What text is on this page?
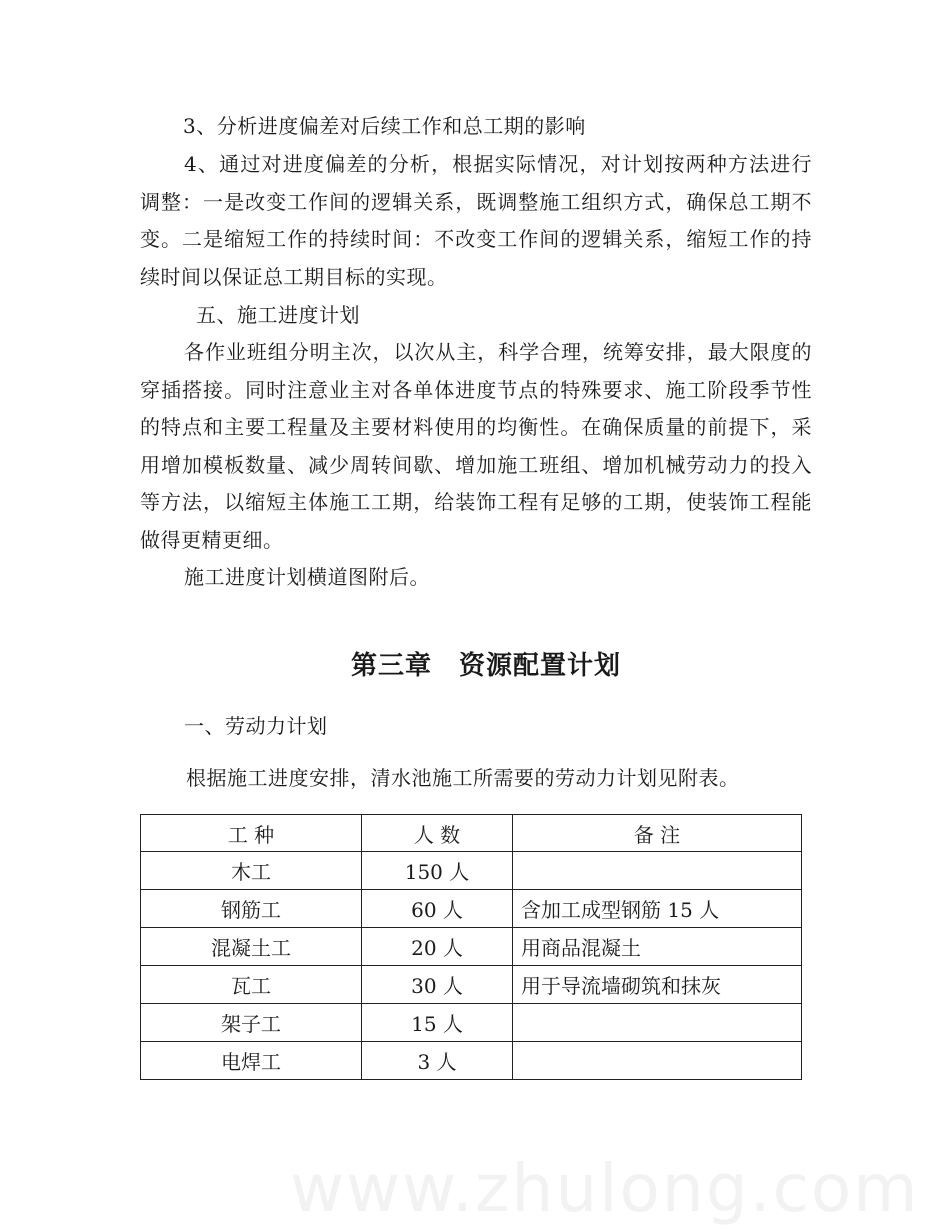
3、分析进度偏差对后续工作和总工期的影响

4、通过对进度偏差的分析，根据实际情况，对计划按两种方法进行调整：一是改变工作间的逻辑关系，既调整施工组织方式，确保总工期不变。二是缩短工作的持续时间：不改变工作间的逻辑关系，缩短工作的持续时间以保证总工期目标的实现。

五、施工进度计划

各作业班组分明主次，以次从主，科学合理，统筹安排，最大限度的穿插搭接。同时注意业主对各单体进度节点的特殊要求、施工阶段季节性的特点和主要工程量及主要材料使用的均衡性。在确保质量的前提下，采用增加模板数量、减少周转间歇、增加施工班组、增加机械劳动力的投入等方法，以缩短主体施工工期，给装饰工程有足够的工期，使装饰工程能做得更精更细。

施工进度计划横道图附后。

第三章　资源配置计划

一、劳动力计划

根据施工进度安排，清水池施工所需要的劳动力计划见附表。

工 种	人 数	备 注
木工	150 人	
钢筋工	60 人	含加工成型钢筋 15 人
混凝土工	20 人	用商品混凝土
瓦工	30 人	用于导流墙砌筑和抹灰
架子工	15 人	
电焊工	3 人	
www.zhulong.com
